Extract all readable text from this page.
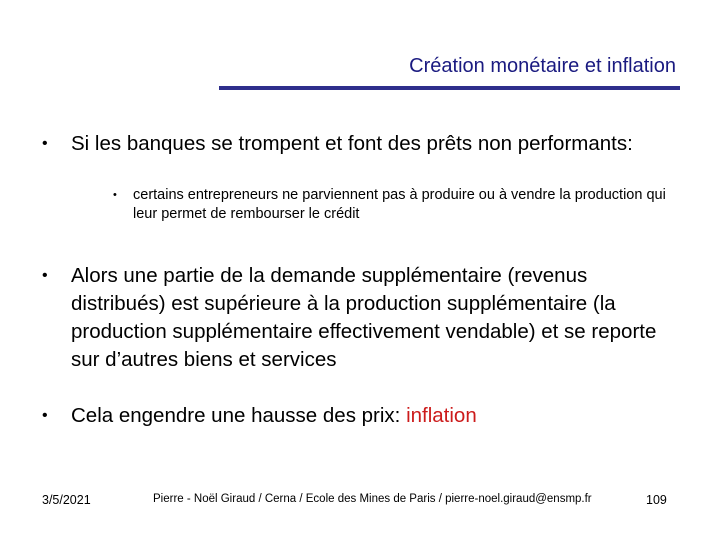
Création monétaire et inflation
• Si les banques se trompent et font des prêts non performants:
• certains entrepreneurs ne parviennent pas à produire ou à vendre la production qui leur permet de rembourser le crédit
• Alors une partie de la demande supplémentaire (revenus distribués) est supérieure à la production supplémentaire (la production supplémentaire effectivement vendable) et se reporte sur d’autres biens et services
• Cela engendre une hausse des prix: inflation
3/5/2021	Pierre - Noël Giraud / Cerna / Ecole des Mines de Paris / pierre-noel.giraud@ensmp.fr	109
